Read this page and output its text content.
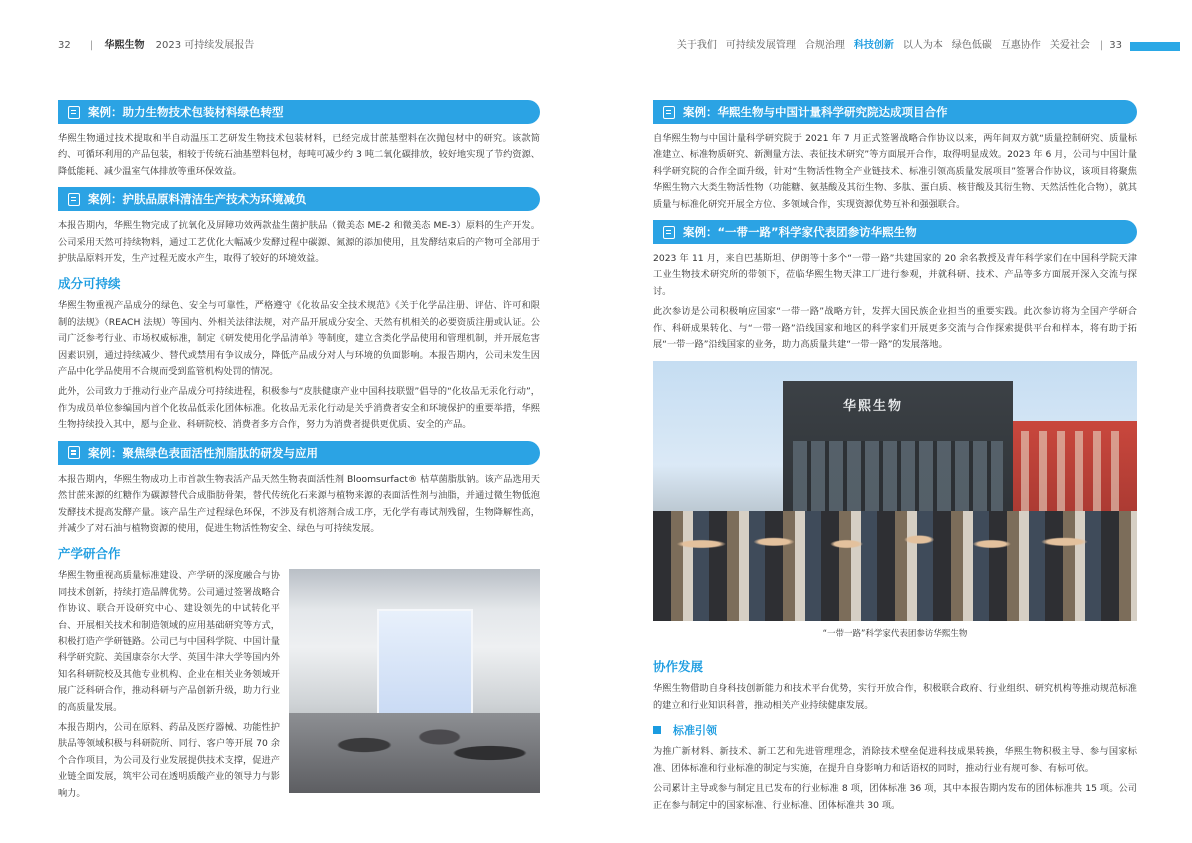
32 | 华熙生物 2023 可持续发展报告	关于我们 可持续发展管理 合规治理 科技创新 以人为本 绿色低碳 互惠协作 关爱社会 | 33
案例：助力生物技术包装材料绿色转型

华熙生物通过技术提取和半自动温压工艺研发生物技术包装材料，已经完成甘蔗基塑料在次抛包材中的研究。该款简约、可循环利用的产品包装，相较于传统石油基塑料包材，每吨可减少约 3 吨二氧化碳排放，较好地实现了节约资源、降低能耗、减少温室气体排放等重环保效益。

案例：护肤品原料清洁生产技术为环境减负

本报告期内，华熙生物完成了抗氧化及屏障功效两款盐生菌护肤品（微美态 ME-2 和微美态 ME-3）原料的生产开发。公司采用天然可持续物料，通过工艺优化大幅减少发酵过程中碳源、氮源的添加使用，且发酵结束后的产物可全部用于护肤品原料开发，生产过程无废水产生，取得了较好的环境效益。

成分可持续

华熙生物重视产品成分的绿色、安全与可靠性，严格遵守《化妆品安全技术规范》《关于化学品注册、评估、许可和限制的法规》（REACH 法规）等国内、外相关法律法规，对产品开展成分安全、天然有机相关的必要资质注册或认证。公司广泛参考行业、市场权威标准，制定《研发使用化学品清单》等制度，建立含类化学品使用和管理机制，并开展危害因素识别，通过持续减少、替代或禁用有争议成分，降低产品成分对人与环境的负面影响。本报告期内，公司未发生因产品中化学品使用不合规而受到监管机构处罚的情况。

此外，公司致力于推动行业产品成分可持续进程，积极参与“皮肤健康产业中国科技联盟”倡导的“化妆品无汞化行动”，作为成员单位参编国内首个化妆品低汞化团体标准。化妆品无汞化行动是关乎消费者安全和环境保护的重要举措，华熙生物持续投入其中，愿与企业、科研院校、消费者多方合作，努力为消费者提供更优质、安全的产品。

案例：聚焦绿色表面活性剂脂肽的研发与应用

本报告期内，华熙生物成功上市首款生物表活产品天然生物表面活性剂 Bloomsurfact® 枯草菌脂肽钠。该产品选用天然甘蔗来源的红糖作为碳源替代合成脂肪骨架，替代传统化石来源与植物来源的表面活性剂与油脂，并通过微生物低泡发酵技术提高发酵产量。该产品生产过程绿色环保，不涉及有机溶剂合成工序，无化学有毒试剂残留，生物降解性高，并减少了对石油与植物资源的使用，促进生物活性物安全、绿色与可持续发展。

产学研合作

华熙生物重视高质量标准建设、产学研的深度融合与协同技术创新，持续打造品牌优势。公司通过签署战略合作协议、联合开设研究中心、建设领先的中试转化平台、开展相关技术和制造领域的应用基础研究等方式，积极打造产学研链路。公司已与中国科学院、中国计量科学研究院、美国康奈尔大学、英国牛津大学等国内外知名科研院校及其他专业机构、企业在相关业务领域开展广泛科研合作，推动科研与产品创新升级，助力行业的高质量发展。

本报告期内，公司在原料、药品及医疗器械、功能性护肤品等领域积极与科研院所、同行、客户等开展 70 余个合作项目，为公司及行业发展提供技术支撑，促进产业链全面发展，筑牢公司在透明质酸产业的领导力与影响力。

案例：华熙生物与中国计量科学研究院达成项目合作

自华熙生物与中国计量科学研究院于 2021 年 7 月正式签署战略合作协议以来，两年间双方就“质量控制研究、质量标准建立、标准物质研究、新测量方法、表征技术研究”等方面展开合作，取得明显成效。2023 年 6 月，公司与中国计量科学研究院的合作全面升级，针对“生物活性物全产业链技术、标准引领高质量发展项目”签署合作协议，该项目将聚焦华熙生物六大类生物活性物（功能糖、氨基酸及其衍生物、多肽、蛋白质、核苷酸及其衍生物、天然活性化合物），就其质量与标准化研究开展全方位、多领域合作，实现资源优势互补和强强联合。

案例：“一带一路”科学家代表团参访华熙生物

2023 年 11 月，来自巴基斯坦、伊朗等十多个“一带一路”共建国家的 20 余名教授及青年科学家们在中国科学院天津工业生物技术研究所的带领下，莅临华熙生物天津工厂进行参观，并就科研、技术、产品等多方面展开深入交流与探讨。

此次参访是公司积极响应国家“一带一路”战略方针，发挥大国民族企业担当的重要实践。此次参访将为全国产学研合作、科研成果转化、与“一带一路”沿线国家和地区的科学家们开展更多交流与合作探索提供平台和样本，将有助于拓展“一带一路”沿线国家的业务，助力高质量共建“一带一路”的发展落地。

华熙生物
“一带一路”科学家代表团参访华熙生物
协作发展

华熙生物借助自身科技创新能力和技术平台优势，实行开放合作，积极联合政府、行业组织、研究机构等推动规范标准的建立和行业知识科普，推动相关产业持续健康发展。

标准引领

为推广新材料、新技术、新工艺和先进管理理念，消除技术壁垒促进科技成果转换，华熙生物积极主导、参与国家标准、团体标准和行业标准的制定与实施，在提升自身影响力和话语权的同时，推动行业有规可参、有标可依。

公司累计主导或参与制定且已发布的行业标准 8 项，团体标准 36 项，其中本报告期内发布的团体标准共 15 项。公司正在参与制定中的国家标准、行业标准、团体标准共 30 项。
